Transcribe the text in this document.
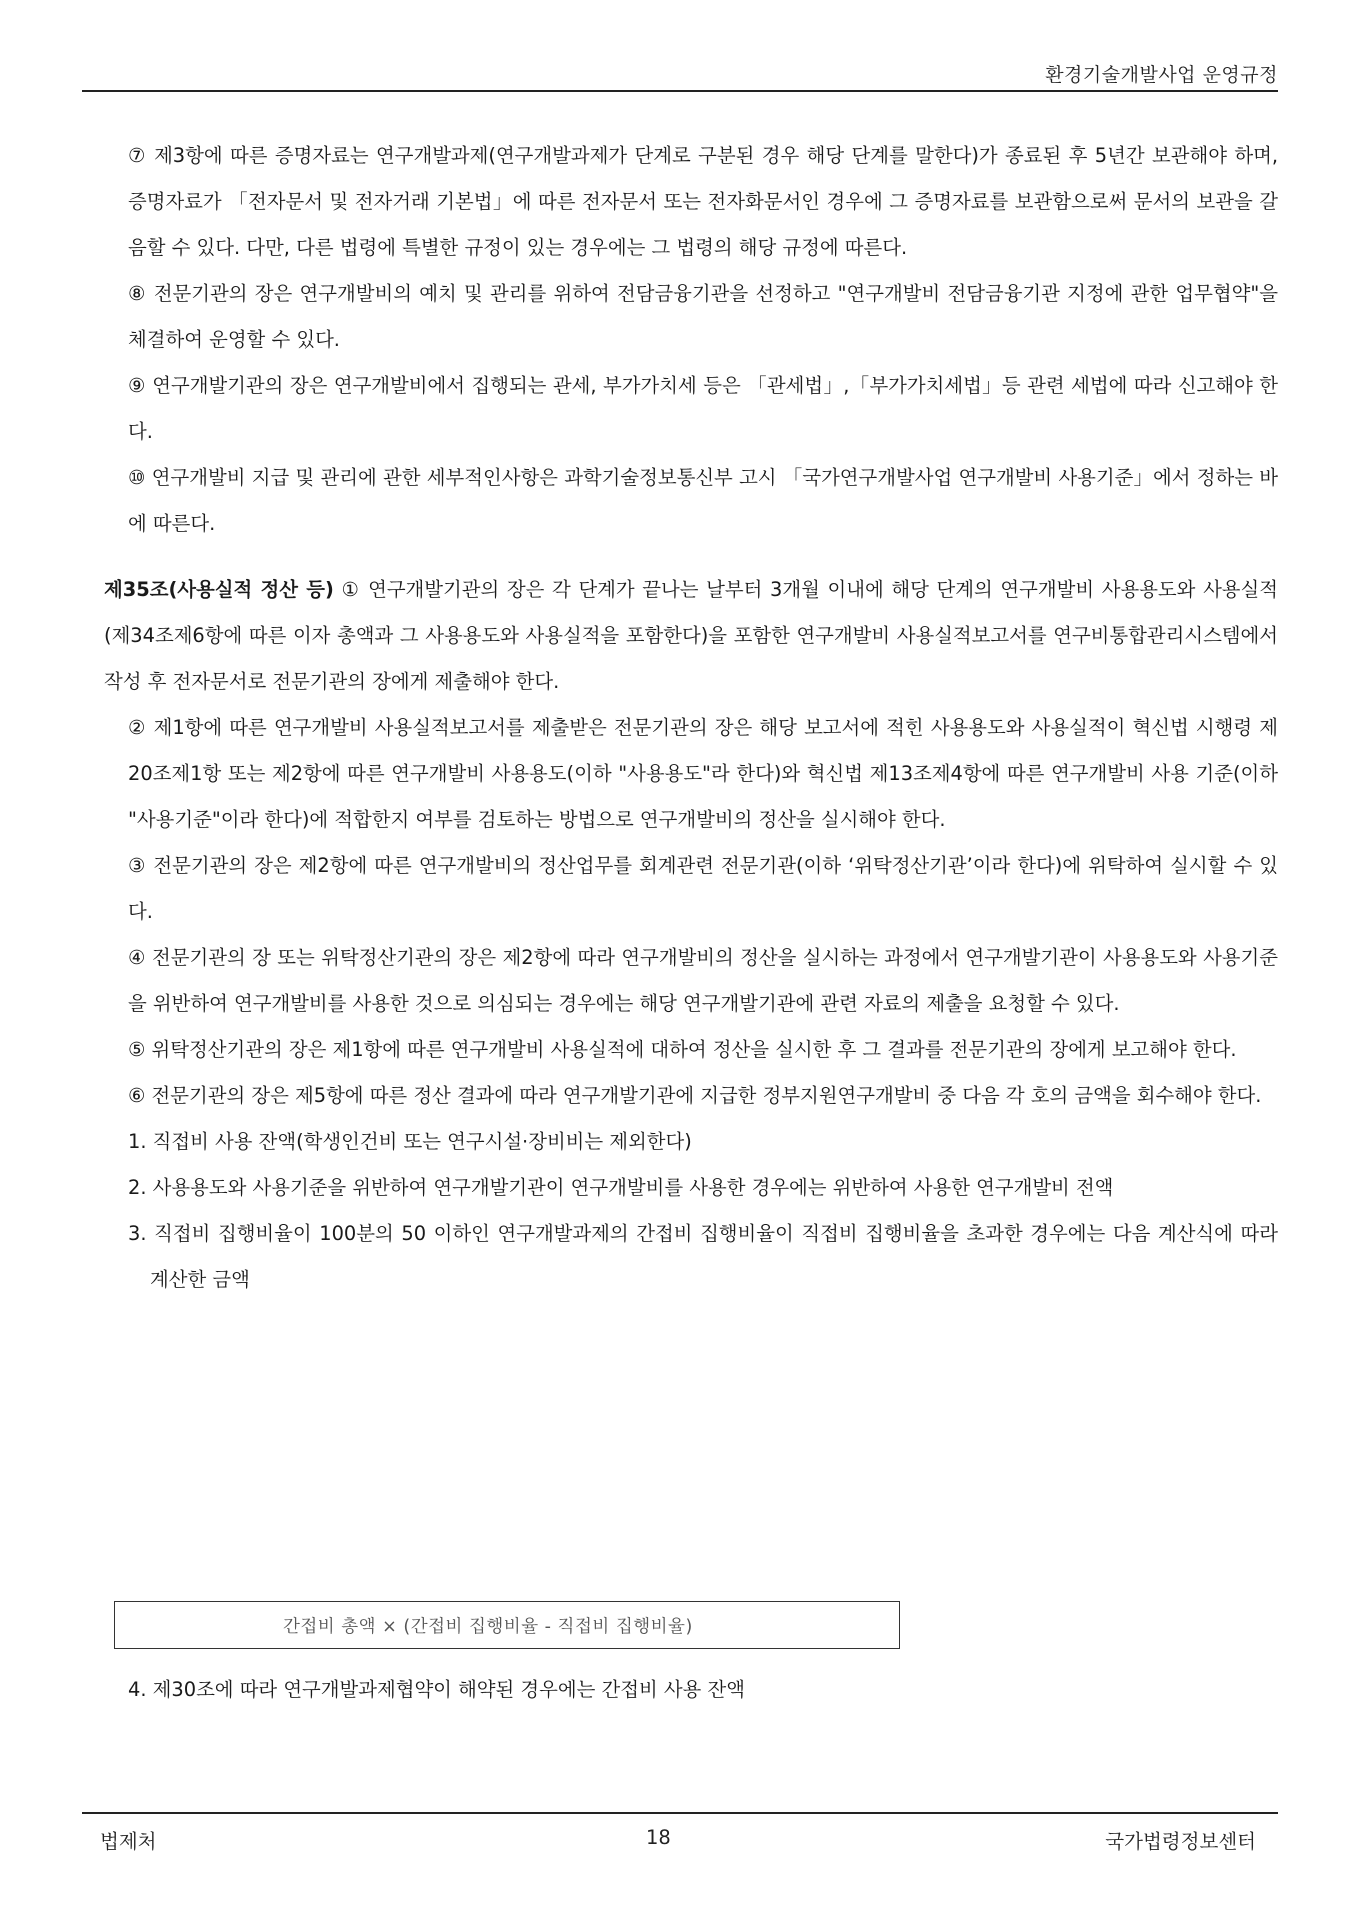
환경기술개발사업 운영규정

⑦ 제3항에 따른 증명자료는 연구개발과제(연구개발과제가 단계로 구분된 경우 해당 단계를 말한다)가 종료된 후 5년간 보관해야 하며, 증명자료가 「전자문서 및 전자거래 기본법」에 따른 전자문서 또는 전자화문서인 경우에 그 증명자료를 보관함으로써 문서의 보관을 갈음할 수 있다. 다만, 다른 법령에 특별한 규정이 있는 경우에는 그 법령의 해당 규정에 따른다.

⑧ 전문기관의 장은 연구개발비의 예치 및 관리를 위하여 전담금융기관을 선정하고 "연구개발비 전담금융기관 지정에 관한 업무협약"을 체결하여 운영할 수 있다.

⑨ 연구개발기관의 장은 연구개발비에서 집행되는 관세, 부가가치세 등은 「관세법」,「부가가치세법」등 관련 세법에 따라 신고해야 한다.

⑩ 연구개발비 지급 및 관리에 관한 세부적인사항은 과학기술정보통신부 고시 「국가연구개발사업 연구개발비 사용기준」에서 정하는 바에 따른다.

제35조(사용실적 정산 등) ① 연구개발기관의 장은 각 단계가 끝나는 날부터 3개월 이내에 해당 단계의 연구개발비 사용용도와 사용실적(제34조제6항에 따른 이자 총액과 그 사용용도와 사용실적을 포함한다)을 포함한 연구개발비 사용실적보고서를 연구비통합관리시스템에서 작성 후 전자문서로 전문기관의 장에게 제출해야 한다.

② 제1항에 따른 연구개발비 사용실적보고서를 제출받은 전문기관의 장은 해당 보고서에 적힌 사용용도와 사용실적이 혁신법 시행령 제20조제1항 또는 제2항에 따른 연구개발비 사용용도(이하 "사용용도"라 한다)와 혁신법 제13조제4항에 따른 연구개발비 사용 기준(이하 "사용기준"이라 한다)에 적합한지 여부를 검토하는 방법으로 연구개발비의 정산을 실시해야 한다.

③ 전문기관의 장은 제2항에 따른 연구개발비의 정산업무를 회계관련 전문기관(이하 ‘위탁정산기관’이라 한다)에 위탁하여 실시할 수 있다.

④ 전문기관의 장 또는 위탁정산기관의 장은 제2항에 따라 연구개발비의 정산을 실시하는 과정에서 연구개발기관이 사용용도와 사용기준을 위반하여 연구개발비를 사용한 것으로 의심되는 경우에는 해당 연구개발기관에 관련 자료의 제출을 요청할 수 있다.

⑤ 위탁정산기관의 장은 제1항에 따른 연구개발비 사용실적에 대하여 정산을 실시한 후 그 결과를 전문기관의 장에게 보고해야 한다.

⑥ 전문기관의 장은 제5항에 따른 정산 결과에 따라 연구개발기관에 지급한 정부지원연구개발비 중 다음 각 호의 금액을 회수해야 한다.

1. 직접비 사용 잔액(학생인건비 또는 연구시설·장비비는 제외한다)

2. 사용용도와 사용기준을 위반하여 연구개발기관이 연구개발비를 사용한 경우에는 위반하여 사용한 연구개발비 전액

3. 직접비 집행비율이 100분의 50 이하인 연구개발과제의 간접비 집행비율이 직접비 집행비율을 초과한 경우에는 다음 계산식에 따라 계산한 금액

간접비 총액 × (간접비 집행비율 - 직접비 집행비율)

4. 제30조에 따라 연구개발과제협약이 해약된 경우에는 간접비 사용 잔액

법제처	18	국가법령정보센터
